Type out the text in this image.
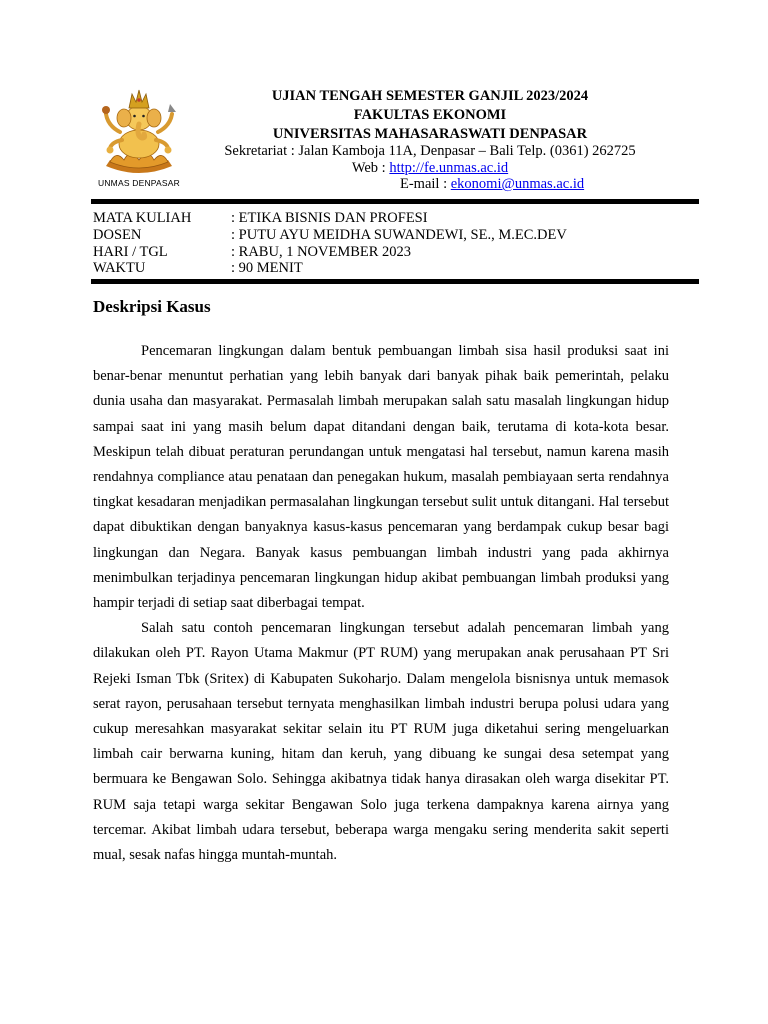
UNMAS DENPASAR
UJIAN TENGAH SEMESTER GANJIL 2023/2024
FAKULTAS EKONOMI
UNIVERSITAS MAHASARASWATI DENPASAR
Sekretariat : Jalan Kamboja 11A, Denpasar – Bali Telp. (0361) 262725
Web : http://fe.unmas.ac.id
E-mail : ekonomi@unmas.ac.id
MATA KULIAH	: ETIKA BISNIS DAN PROFESI
DOSEN	: PUTU AYU MEIDHA SUWANDEWI, SE., M.EC.DEV
HARI / TGL	: RABU, 1 NOVEMBER 2023
WAKTU	: 90 MENIT
Deskripsi Kasus

Pencemaran lingkungan dalam bentuk pembuangan limbah sisa hasil produksi saat ini benar-benar menuntut perhatian yang lebih banyak dari banyak pihak baik pemerintah, pelaku dunia usaha dan masyarakat. Permasalah limbah merupakan salah satu masalah lingkungan hidup sampai saat ini yang masih belum dapat ditandani dengan baik, terutama di kota-kota besar. Meskipun telah dibuat peraturan perundangan untuk mengatasi hal tersebut, namun karena masih rendahnya compliance atau penataan dan penegakan hukum, masalah pembiayaan serta rendahnya tingkat kesadaran menjadikan permasalahan lingkungan tersebut sulit untuk ditangani. Hal tersebut dapat dibuktikan dengan banyaknya kasus-kasus pencemaran yang berdampak cukup besar bagi lingkungan dan Negara. Banyak kasus pembuangan limbah industri yang pada akhirnya menimbulkan terjadinya pencemaran lingkungan hidup akibat pembuangan limbah produksi yang hampir terjadi di setiap saat diberbagai tempat.

Salah satu contoh pencemaran lingkungan tersebut adalah pencemaran limbah yang dilakukan oleh PT. Rayon Utama Makmur (PT RUM) yang merupakan anak perusahaan PT Sri Rejeki Isman Tbk (Sritex) di Kabupaten Sukoharjo. Dalam mengelola bisnisnya untuk memasok serat rayon, perusahaan tersebut ternyata menghasilkan limbah industri berupa polusi udara yang cukup meresahkan masyarakat sekitar selain itu PT RUM juga diketahui sering mengeluarkan limbah cair berwarna kuning, hitam dan keruh, yang dibuang ke sungai desa setempat yang bermuara ke Bengawan Solo. Sehingga akibatnya tidak hanya dirasakan oleh warga disekitar PT. RUM saja tetapi warga sekitar Bengawan Solo juga terkena dampaknya karena airnya yang tercemar. Akibat limbah udara tersebut, beberapa warga mengaku sering menderita sakit seperti mual, sesak nafas hingga muntah-muntah.
